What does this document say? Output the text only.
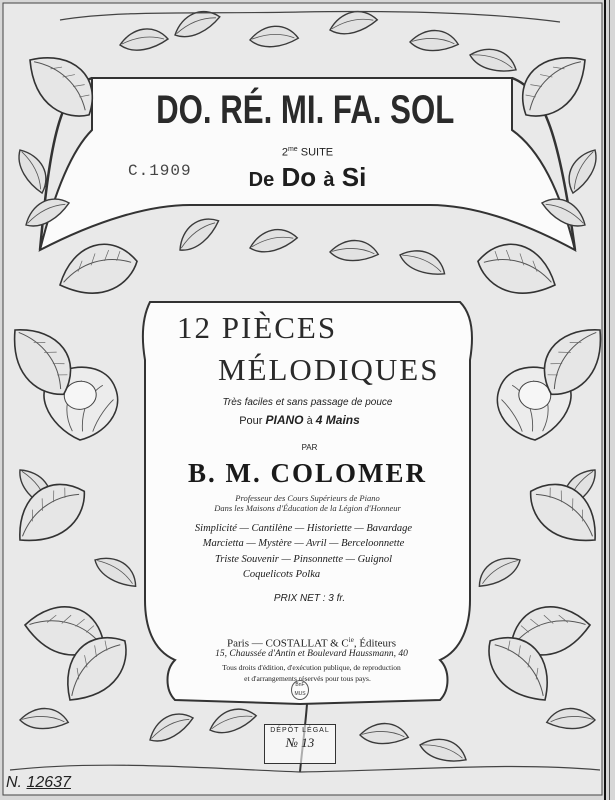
DO. RÉ. MI. FA. SOL
$2^{me}$ SUITE
De Do à Si
C.1909
12 PIÈCES
MÉLODIQUES
Très faciles et sans passage de pouce
Pour PIANO à 4 Mains
PAR
B. M. COLOMER
Professeur des Cours Supérieurs de Piano
Dans les Maisons d'Éducation de la Légion d'Honneur
Simplicité — Cantilène — Historiette — Bavardage
Marcietta — Mystère — Avril — Berceloonnette
Triste Souvenir — Pinsonnette — Guignol
Coquelicots Polka
PRIX NET : 3 fr.
Paris — COSTALLAT & $C^{ie}$, Éditeurs
15, Chaussée d'Antin et Boulevard Haussmann, 40
Tous droits d'édition, d'exécution publique, de reproduction
et d'arrangements réservés pour tous pays.
BnF
MUS
DÉPÔT LÉGAL
№ 13
N. 12637
